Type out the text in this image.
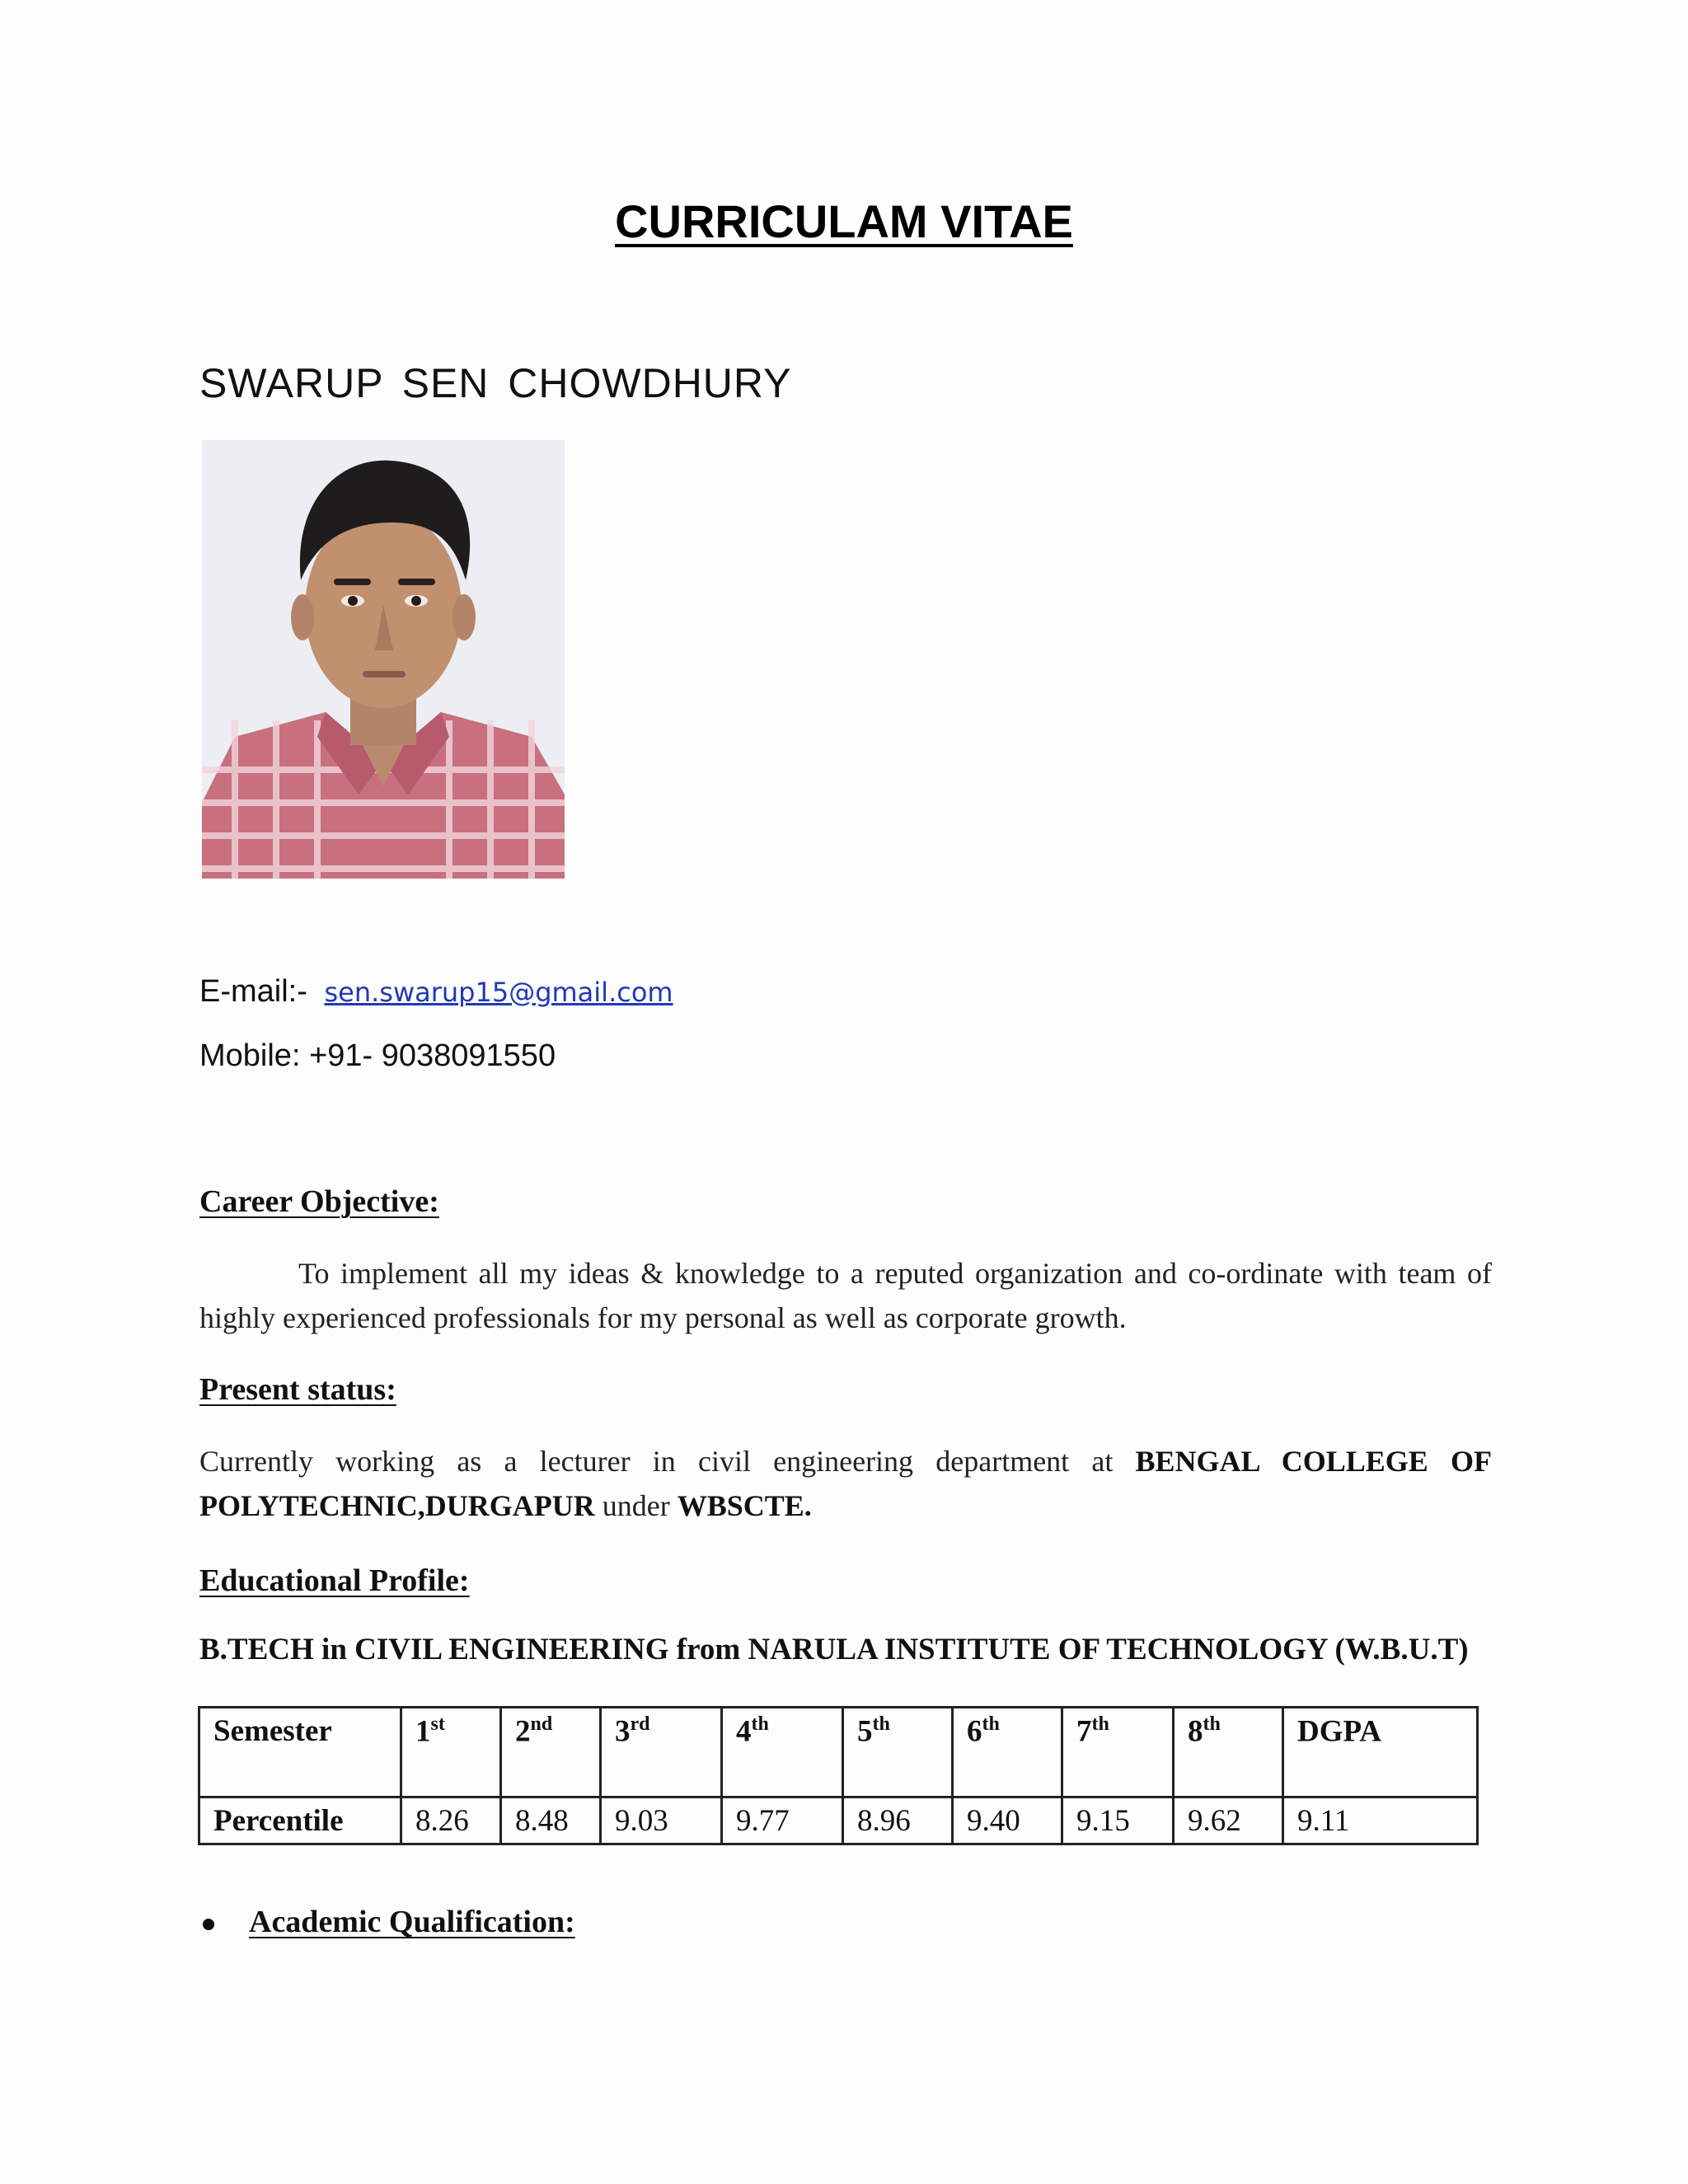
CURRICULAM VITAE
SWARUP SEN CHOWDHURY
E-mail:- sen.swarup15@gmail.com
Mobile: +91- 9038091550
Career Objective:
To implement all my ideas & knowledge to a reputed organization and co-ordinate with team of highly experienced professionals for my personal as well as corporate growth.
Present status:
Currently working as a lecturer in civil engineering department at BENGAL COLLEGE OF POLYTECHNIC,DURGAPUR under WBSCTE.
Educational Profile:
B.TECH in CIVIL ENGINEERING from NARULA INSTITUTE OF TECHNOLOGY (W.B.U.T)
Semester	1st	2nd	3rd	4th	5th	6th	7th	8th	DGPA
Percentile	8.26	8.48	9.03	9.77	8.96	9.40	9.15	9.62	9.11
Academic Qualification:
